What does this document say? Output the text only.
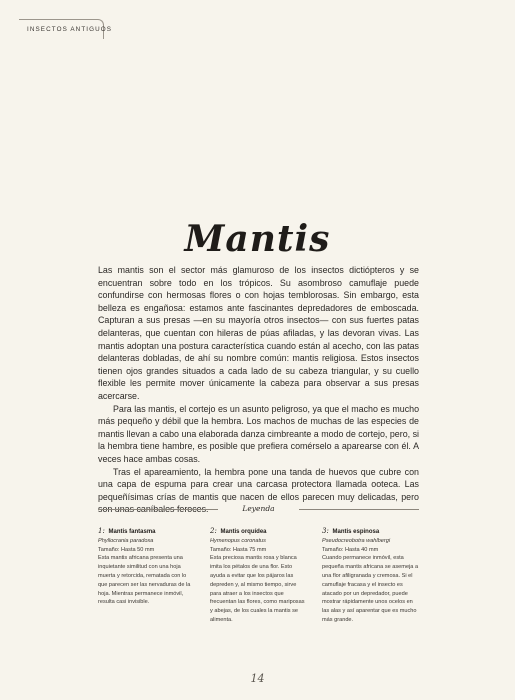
INSECTOS ANTIGUOS
Mantis

Las mantis son el sector más glamuroso de los insectos dictiópteros y se encuentran sobre todo en los trópicos. Su asombroso camuflaje puede confundirse con hermosas flores o con hojas temblorosas. Sin embargo, esta belleza es engañosa: estamos ante fascinantes depredadores de emboscada. Capturan a sus presas —en su mayoría otros insectos— con sus fuertes patas delanteras, que cuentan con hileras de púas afiladas, y las devoran vivas. Las mantis adoptan una postura característica cuando están al acecho, con las patas delanteras dobladas, de ahí su nombre común: mantis religiosa. Estos insectos tienen ojos grandes situados a cada lado de su cabeza triangular, y su cuello flexible les permite mover únicamente la cabeza para observar a sus presas acercarse.

Para las mantis, el cortejo es un asunto peligroso, ya que el macho es mucho más pequeño y débil que la hembra. Los machos de muchas de las especies de mantis llevan a cabo una elaborada danza cimbreante a modo de cortejo, pero, si la hembra tiene hambre, es posible que prefiera comérselo a aparearse con él. A veces hace ambas cosas.

Tras el apareamiento, la hembra pone una tanda de huevos que cubre con una capa de espuma para crear una carcasa protectora llamada ooteca. Las pequeñísimas crías de mantis que nacen de ellos parecen muy delicadas, pero

Leyenda
1: Mantis fantasma
Phyllocrania paradoxa
Tamaño: Hasta 50 mm
Esta mantis africana presenta una inquietante similitud con una hoja muerta y retorcida, rematada con lo que parecen ser las nervaduras de la hoja. Mientras permanece inmóvil, resulta casi invisible.
2: Mantis orquídea
Hymenopus coronatus
Tamaño: Hasta 75 mm
Esta preciosa mantis rosa y blanca imita los pétalos de una flor. Esto ayuda a evitar que los pájaros las depreden y, al mismo tiempo, sirve para atraer a los insectos que frecuentan las flores, como mariposas y abejas, de los cuales la mantis se alimenta.
3: Mantis espinosa
Pseudocreobotra wahlbergi
Tamaño: Hasta 40 mm
Cuando permanece inmóvil, esta pequeña mantis africana se asemeja a una flor afiligranada y cremosa. Si el camuflaje fracasa y el insecto es atacado por un depredador, puede mostrar rápidamente unos ocelos en las alas y así aparentar que es mucho más grande.
14
